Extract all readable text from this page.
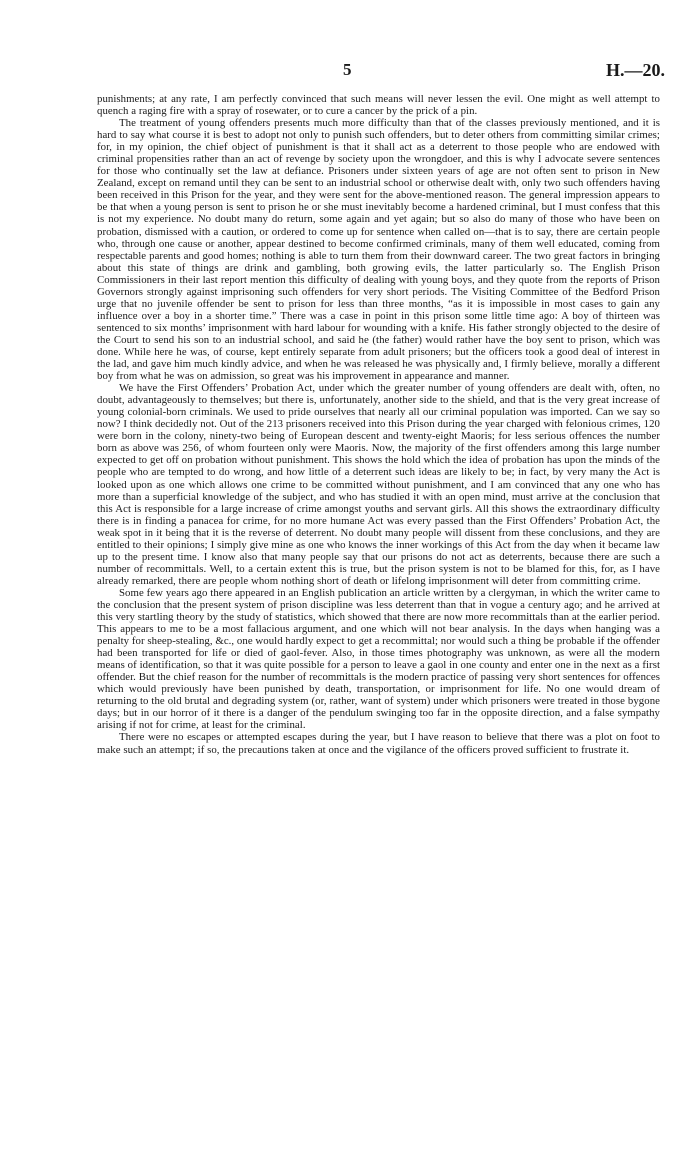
5	H.—20.

punishments; at any rate, I am perfectly convinced that such means will never lessen the evil. One might as well attempt to quench a raging fire with a spray of rosewater, or to cure a cancer by the prick of a pin.

The treatment of young offenders presents much more difficulty than that of the classes previously mentioned, and it is hard to say what course it is best to adopt not only to punish such offenders, but to deter others from committing similar crimes; for, in my opinion, the chief object of punishment is that it shall act as a deterrent to those people who are endowed with criminal propensities rather than an act of revenge by society upon the wrongdoer, and this is why I advocate severe sentences for those who continually set the law at defiance. Prisoners under sixteen years of age are not often sent to prison in New Zealand, except on remand until they can be sent to an industrial school or otherwise dealt with, only two such offenders having been received in this Prison for the year, and they were sent for the above-mentioned reason. The general impression appears to be that when a young person is sent to prison he or she must inevitably become a hardened criminal, but I must confess that this is not my experience. No doubt many do return, some again and yet again; but so also do many of those who have been on probation, dismissed with a caution, or ordered to come up for sentence when called on—that is to say, there are certain people who, through one cause or another, appear destined to become confirmed criminals, many of them well educated, coming from respectable parents and good homes; nothing is able to turn them from their downward career. The two great factors in bringing about this state of things are drink and gambling, both growing evils, the latter particularly so. The English Prison Commissioners in their last report mention this difficulty of dealing with young boys, and they quote from the reports of Prison Governors strongly against imprisoning such offenders for very short periods. The Visiting Committee of the Bedford Prison urge that no juvenile offender be sent to prison for less than three months, “as it is impossible in most cases to gain any influence over a boy in a shorter time.” There was a case in point in this prison some little time ago: A boy of thirteen was sentenced to six months’ imprisonment with hard labour for wounding with a knife. His father strongly objected to the desire of the Court to send his son to an industrial school, and said he (the father) would rather have the boy sent to prison, which was done. While here he was, of course, kept entirely separate from adult prisoners; but the officers took a good deal of interest in the lad, and gave him much kindly advice, and when he was released he was physically and, I firmly believe, morally a different boy from what he was on admission, so great was his improvement in appearance and manner.

We have the First Offenders’ Probation Act, under which the greater number of young offenders are dealt with, often, no doubt, advantageously to themselves; but there is, unfortunately, another side to the shield, and that is the very great increase of young colonial-born criminals. We used to pride ourselves that nearly all our criminal population was imported. Can we say so now? I think decidedly not. Out of the 213 prisoners received into this Prison during the year charged with felonious crimes, 120 were born in the colony, ninety-two being of European descent and twenty-eight Maoris; for less serious offences the number born as above was 256, of whom fourteen only were Maoris. Now, the majority of the first offenders among this large number expected to get off on probation without punishment. This shows the hold which the idea of probation has upon the minds of the people who are tempted to do wrong, and how little of a deterrent such ideas are likely to be; in fact, by very many the Act is looked upon as one which allows one crime to be committed without punishment, and I am convinced that any one who has more than a superficial knowledge of the subject, and who has studied it with an open mind, must arrive at the conclusion that this Act is responsible for a large increase of crime amongst youths and servant girls. All this shows the extraordinary difficulty there is in finding a panacea for crime, for no more humane Act was every passed than the First Offenders’ Probation Act, the weak spot in it being that it is the reverse of deterrent. No doubt many people will dissent from these conclusions, and they are entitled to their opinions; I simply give mine as one who knows the inner workings of this Act from the day when it became law up to the present time. I know also that many people say that our prisons do not act as deterrents, because there are such a number of recommittals. Well, to a certain extent this is true, but the prison system is not to be blamed for this, for, as I have already remarked, there are people whom nothing short of death or lifelong imprisonment will deter from committing crime.

Some few years ago there appeared in an English publication an article written by a clergyman, in which the writer came to the conclusion that the present system of prison discipline was less deterrent than that in vogue a century ago; and he arrived at this very startling theory by the study of statistics, which showed that there are now more recommittals than at the earlier period. This appears to me to be a most fallacious argument, and one which will not bear analysis. In the days when hanging was a penalty for sheep-stealing, &c., one would hardly expect to get a recommittal; nor would such a thing be probable if the offender had been transported for life or died of gaol-fever. Also, in those times photography was unknown, as were all the modern means of identification, so that it was quite possible for a person to leave a gaol in one county and enter one in the next as a first offender. But the chief reason for the number of recommittals is the modern practice of passing very short sentences for offences which would previously have been punished by death, transportation, or imprisonment for life. No one would dream of returning to the old brutal and degrading system (or, rather, want of system) under which prisoners were treated in those bygone days; but in our horror of it there is a danger of the pendulum swinging too far in the opposite direction, and a false sympathy arising if not for crime, at least for the criminal.

There were no escapes or attempted escapes during the year, but I have reason to believe that there was a plot on foot to make such an attempt; if so, the precautions taken at once and the vigilance of the officers proved sufficient to frustrate it.
